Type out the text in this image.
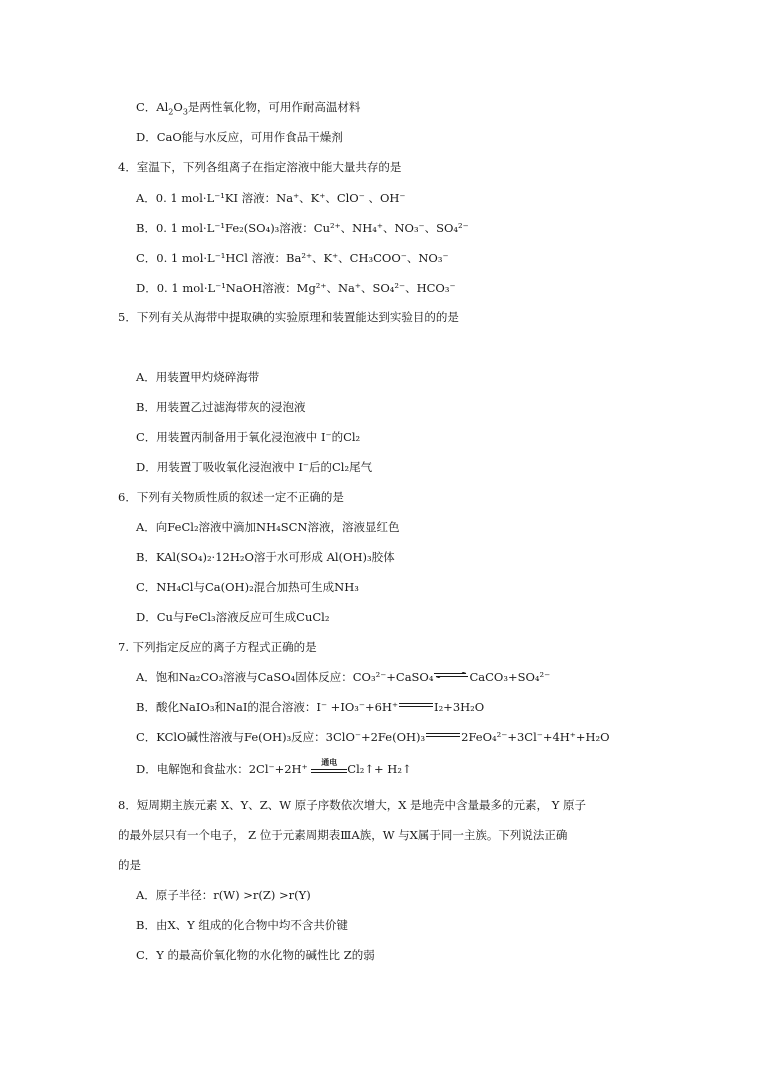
C．$Al_2O_3$是两性氧化物，可用作耐高温材料
D．CaO能与水反应，可用作食品干燥剂
4．室温下，下列各组离子在指定溶液中能大量共存的是
A．0. 1 mol·L⁻¹KI 溶液：Na⁺、K⁺、ClO⁻ 、OH⁻
B．0. 1 mol·L⁻¹Fe₂(SO₄)₃溶液：Cu²⁺、NH₄⁺、NO₃⁻、SO₄²⁻
C．0. 1 mol·L⁻¹HCl 溶液：Ba²⁺、K⁺、CH₃COO⁻、NO₃⁻
D．0. 1 mol·L⁻¹NaOH溶液：Mg²⁺、Na⁺、SO₄²⁻、HCO₃⁻
5．下列有关从海带中提取碘的实验原理和装置能达到实验目的的是
A．用装置甲灼烧碎海带
B．用装置乙过滤海带灰的浸泡液
C．用装置丙制备用于氧化浸泡液中 I⁻的Cl₂
D．用装置丁吸收氧化浸泡液中 I⁻后的Cl₂尾气
6．下列有关物质性质的叙述一定不正确的是
A．向FeCl₂溶液中滴加NH₄SCN溶液，溶液显红色
B．KAl(SO₄)₂·12H₂O溶于水可形成 Al(OH)₃胶体
C．NH₄Cl与Ca(OH)₂混合加热可生成NH₃
D．Cu与FeCl₃溶液反应可生成CuCl₂
7. 下列指定反应的离子方程式正确的是
A．饱和Na₂CO₃溶液与CaSO₄固体反应：CO₃²⁻+CaSO₄⇌CaCO₃+SO₄²⁻
B．酸化NaIO₃和NaI的混合溶液：I⁻ +IO₃⁻+6H⁺	I₂+3H₂O
C．KClO碱性溶液与Fe(OH)₃反应：3ClO⁻+2Fe(OH)₃	2FeO₄²⁻+3Cl⁻+4H⁺+H₂O
D．电解饱和食盐水：2Cl⁻+2H⁺	通电 Cl₂↑+ H₂↑
8．短周期主族元素 X、Y、Z、W 原子序数依次增大，X 是地壳中含量最多的元素， Y 原子
的最外层只有一个电子， Z 位于元素周期表ⅢA族，W 与X属于同一主族。下列说法正确
的是
A．原子半径：r(W) >r(Z) >r(Y)
B．由X、Y 组成的化合物中均不含共价键
C．Y 的最高价氧化物的水化物的碱性比 Z的弱
